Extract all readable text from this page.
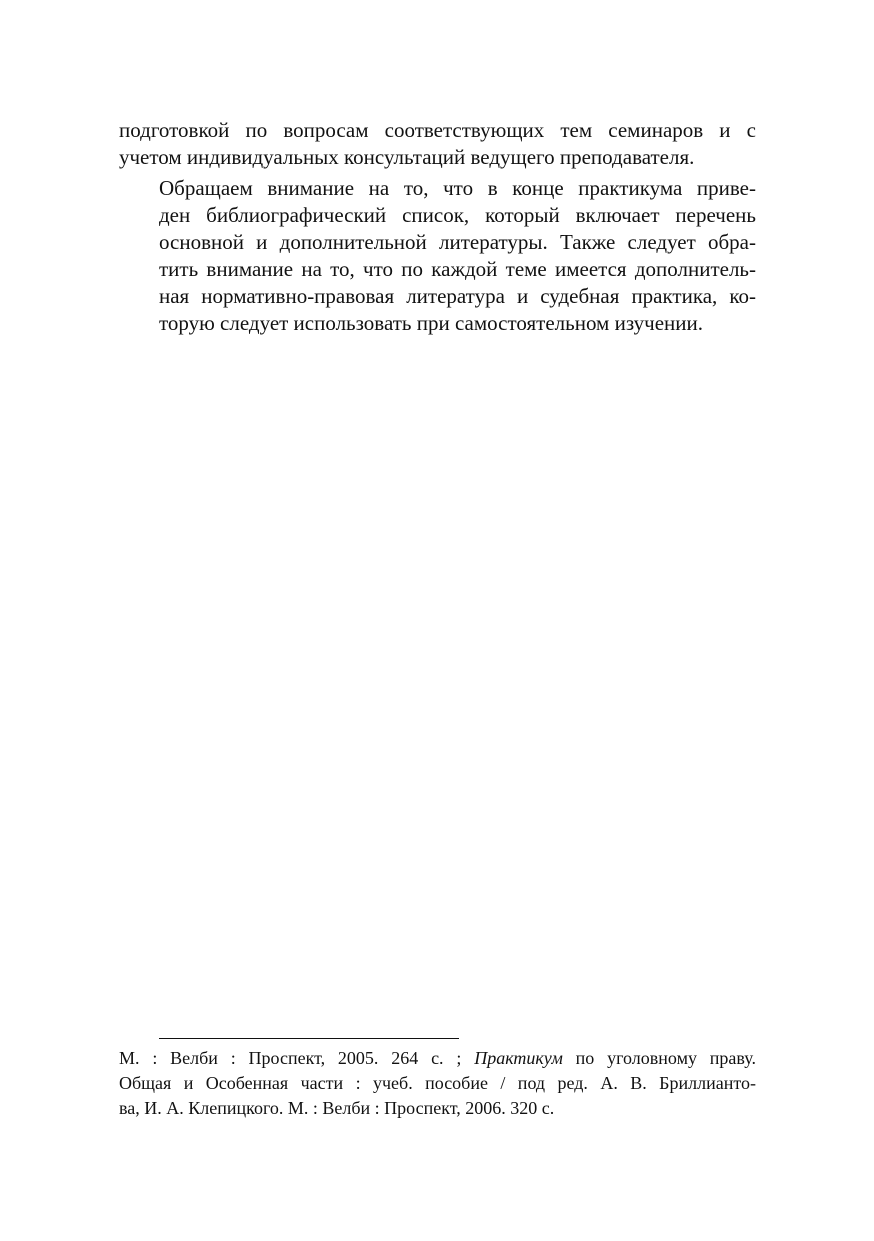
подготовкой по вопросам соответствующих тем семинаров и с
учетом индивидуальных консультаций ведущего преподавателя.

Обращаем внимание на то, что в конце практикума приве-
ден библиографический список, который включает перечень
основной и дополнительной литературы. Также следует обра-
тить внимание на то, что по каждой теме имеется дополнитель-
ная нормативно-правовая литература и судебная практика, ко-
торую следует использовать при самостоятельном изучении.

М. : Велби : Проспект, 2005. 264 с. ; Практикум по уголовному праву.
Общая и Особенная части : учеб. пособие / под ред. А. В. Бриллианто-
ва, И. А. Клепицкого. М. : Велби : Проспект, 2006. 320 с.
